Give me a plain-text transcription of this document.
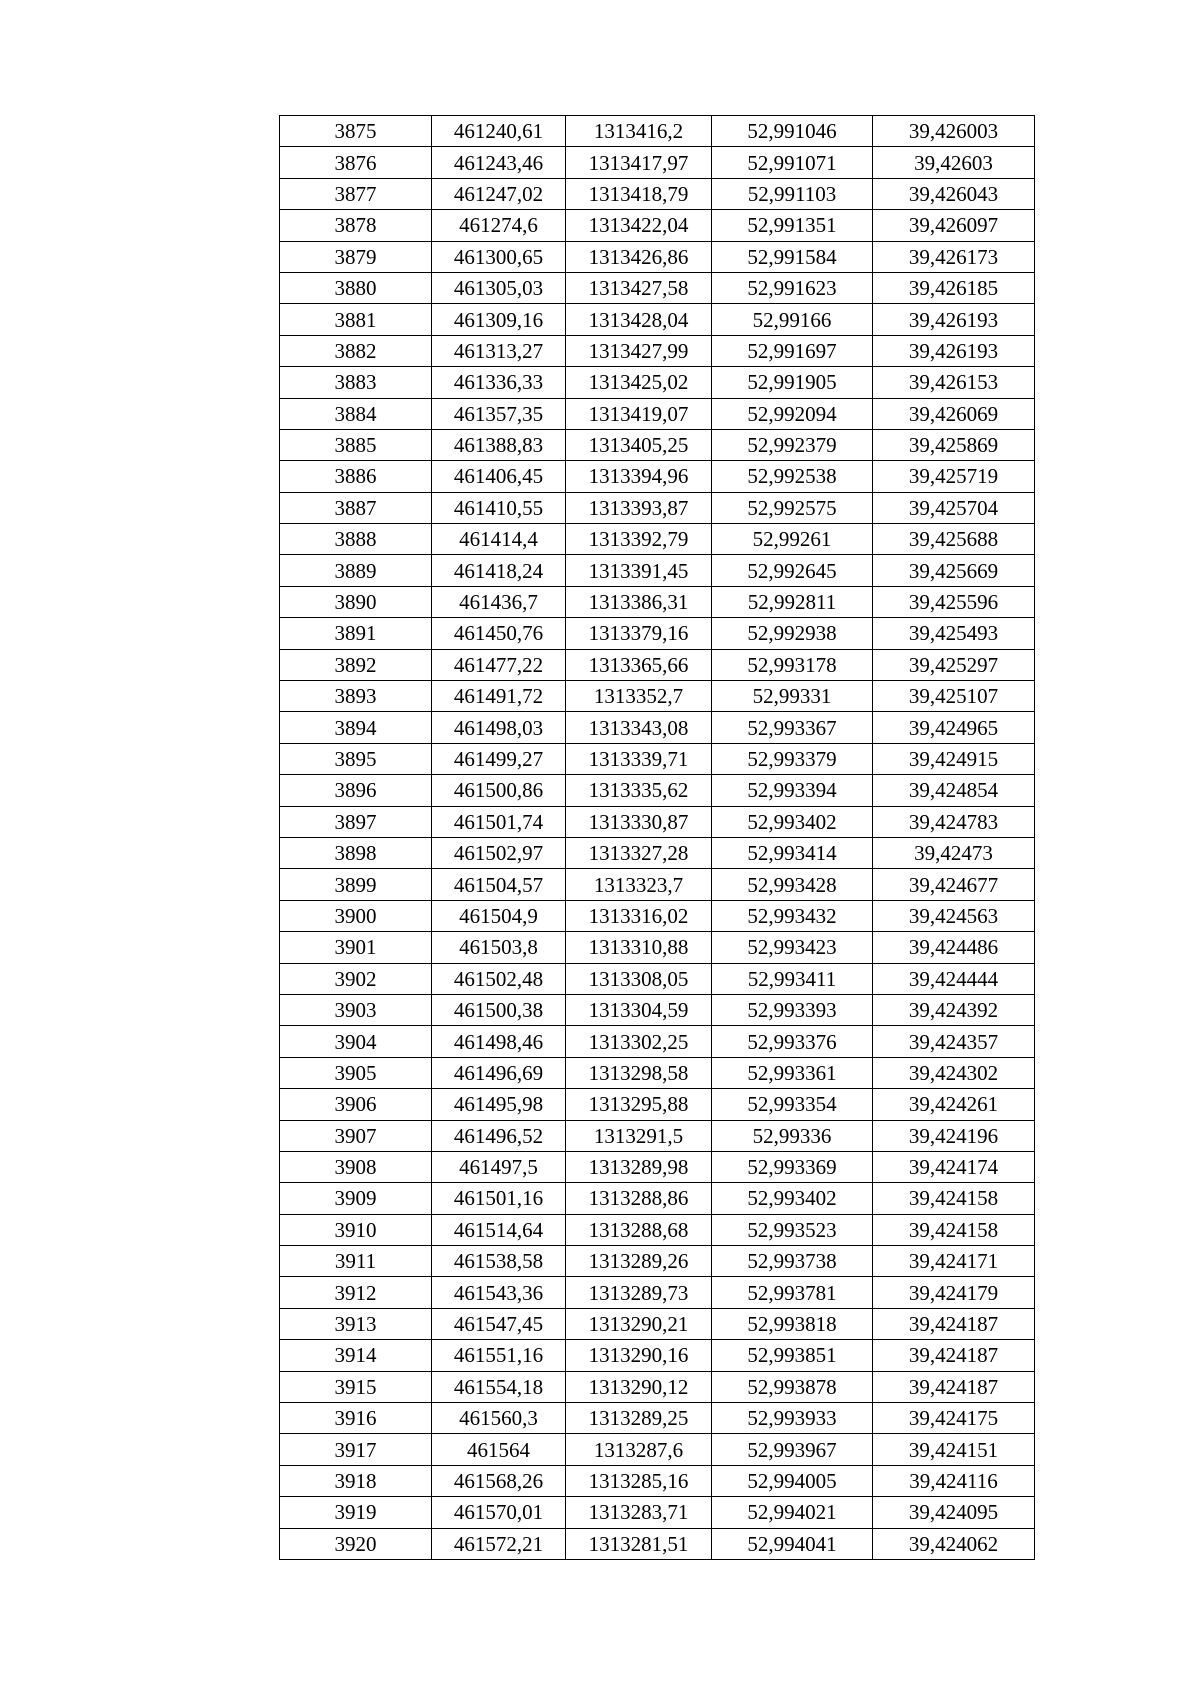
3875	461240,61	1313416,2	52,991046	39,426003
3876	461243,46	1313417,97	52,991071	39,42603
3877	461247,02	1313418,79	52,991103	39,426043
3878	461274,6	1313422,04	52,991351	39,426097
3879	461300,65	1313426,86	52,991584	39,426173
3880	461305,03	1313427,58	52,991623	39,426185
3881	461309,16	1313428,04	52,99166	39,426193
3882	461313,27	1313427,99	52,991697	39,426193
3883	461336,33	1313425,02	52,991905	39,426153
3884	461357,35	1313419,07	52,992094	39,426069
3885	461388,83	1313405,25	52,992379	39,425869
3886	461406,45	1313394,96	52,992538	39,425719
3887	461410,55	1313393,87	52,992575	39,425704
3888	461414,4	1313392,79	52,99261	39,425688
3889	461418,24	1313391,45	52,992645	39,425669
3890	461436,7	1313386,31	52,992811	39,425596
3891	461450,76	1313379,16	52,992938	39,425493
3892	461477,22	1313365,66	52,993178	39,425297
3893	461491,72	1313352,7	52,99331	39,425107
3894	461498,03	1313343,08	52,993367	39,424965
3895	461499,27	1313339,71	52,993379	39,424915
3896	461500,86	1313335,62	52,993394	39,424854
3897	461501,74	1313330,87	52,993402	39,424783
3898	461502,97	1313327,28	52,993414	39,42473
3899	461504,57	1313323,7	52,993428	39,424677
3900	461504,9	1313316,02	52,993432	39,424563
3901	461503,8	1313310,88	52,993423	39,424486
3902	461502,48	1313308,05	52,993411	39,424444
3903	461500,38	1313304,59	52,993393	39,424392
3904	461498,46	1313302,25	52,993376	39,424357
3905	461496,69	1313298,58	52,993361	39,424302
3906	461495,98	1313295,88	52,993354	39,424261
3907	461496,52	1313291,5	52,99336	39,424196
3908	461497,5	1313289,98	52,993369	39,424174
3909	461501,16	1313288,86	52,993402	39,424158
3910	461514,64	1313288,68	52,993523	39,424158
3911	461538,58	1313289,26	52,993738	39,424171
3912	461543,36	1313289,73	52,993781	39,424179
3913	461547,45	1313290,21	52,993818	39,424187
3914	461551,16	1313290,16	52,993851	39,424187
3915	461554,18	1313290,12	52,993878	39,424187
3916	461560,3	1313289,25	52,993933	39,424175
3917	461564	1313287,6	52,993967	39,424151
3918	461568,26	1313285,16	52,994005	39,424116
3919	461570,01	1313283,71	52,994021	39,424095
3920	461572,21	1313281,51	52,994041	39,424062
